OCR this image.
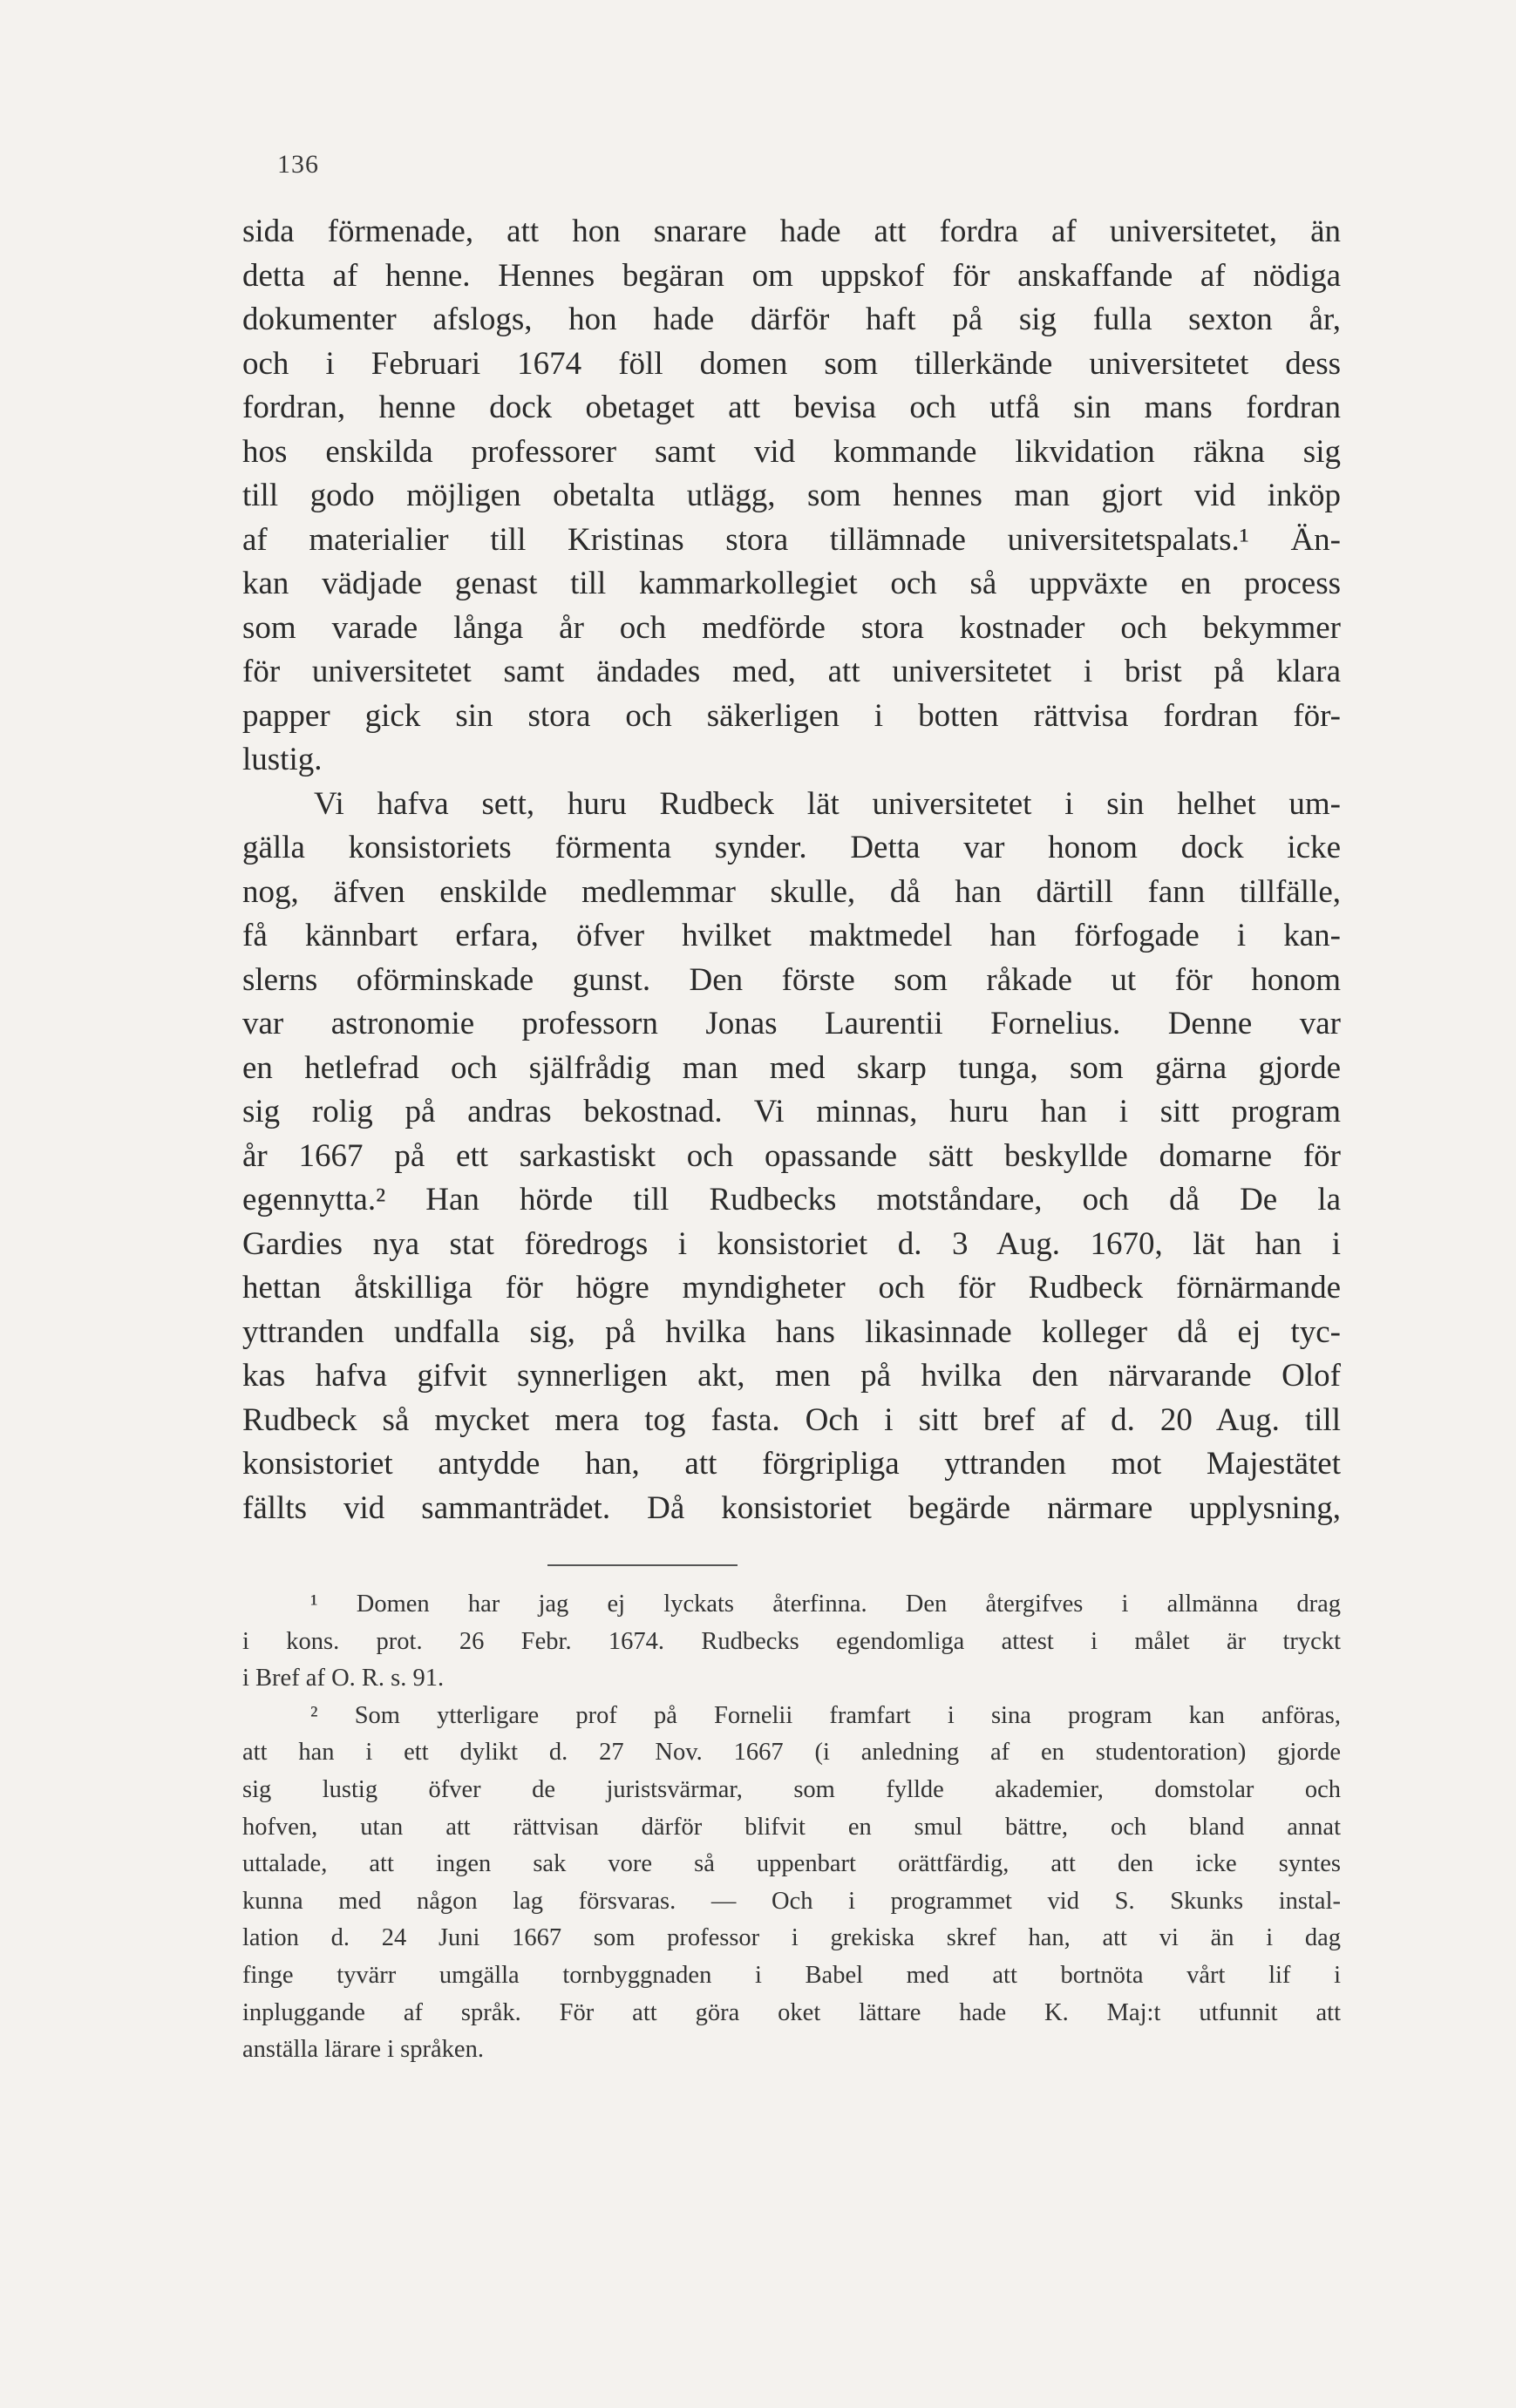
136
sida förmenade, att hon snarare hade att fordra af universitetet, än
detta af henne. Hennes begäran om uppskof för anskaffande af nödiga
dokumenter afslogs, hon hade därför haft på sig fulla sexton år,
och i Februari 1674 föll domen som tillerkände universitetet dess
fordran, henne dock obetaget att bevisa och utfå sin mans fordran
hos enskilda professorer samt vid kommande likvidation räkna sig
till godo möjligen obetalta utlägg, som hennes man gjort vid inköp
af materialier till Kristinas stora tillämnade universitetspalats.¹ Än-
kan vädjade genast till kammarkollegiet och så uppväxte en process
som varade långa år och medförde stora kostnader och bekymmer
för universitetet samt ändades med, att universitetet i brist på klara
papper gick sin stora och säkerligen i botten rättvisa fordran för-
lustig.
Vi hafva sett, huru Rudbeck lät universitetet i sin helhet um-
gälla konsistoriets förmenta synder. Detta var honom dock icke
nog, äfven enskilde medlemmar skulle, då han därtill fann tillfälle,
få kännbart erfara, öfver hvilket maktmedel han förfogade i kan-
slerns oförminskade gunst. Den förste som råkade ut för honom
var astronomie professorn Jonas Laurentii Fornelius. Denne var
en hetlefrad och själfrådig man med skarp tunga, som gärna gjorde
sig rolig på andras bekostnad. Vi minnas, huru han i sitt program
år 1667 på ett sarkastiskt och opassande sätt beskyllde domarne för
egennytta.² Han hörde till Rudbecks motståndare, och då De la
Gardies nya stat föredrogs i konsistoriet d. 3 Aug. 1670, lät han i
hettan åtskilliga för högre myndigheter och för Rudbeck förnärmande
yttranden undfalla sig, på hvilka hans likasinnade kolleger då ej tyc-
kas hafva gifvit synnerligen akt, men på hvilka den närvarande Olof
Rudbeck så mycket mera tog fasta. Och i sitt bref af d. 20 Aug. till
konsistoriet antydde han, att förgripliga yttranden mot Majestätet
fällts vid sammanträdet. Då konsistoriet begärde närmare upplysning,
¹ Domen har jag ej lyckats återfinna. Den återgifves i allmänna drag
i kons. prot. 26 Febr. 1674. Rudbecks egendomliga attest i målet är tryckt
i Bref af O. R. s. 91.
² Som ytterligare prof på Fornelii framfart i sina program kan anföras,
att han i ett dylikt d. 27 Nov. 1667 (i anledning af en studentoration) gjorde
sig lustig öfver de juristsvärmar, som fyllde akademier, domstolar och
hofven, utan att rättvisan därför blifvit en smul bättre, och bland annat
uttalade, att ingen sak vore så uppenbart orättfärdig, att den icke syntes
kunna med någon lag försvaras. — Och i programmet vid S. Skunks instal-
lation d. 24 Juni 1667 som professor i grekiska skref han, att vi än i dag
finge tyvärr umgälla tornbyggnaden i Babel med att bortnöta vårt lif i
inpluggande af språk. För att göra oket lättare hade K. Maj:t utfunnit att
anställa lärare i språken.
